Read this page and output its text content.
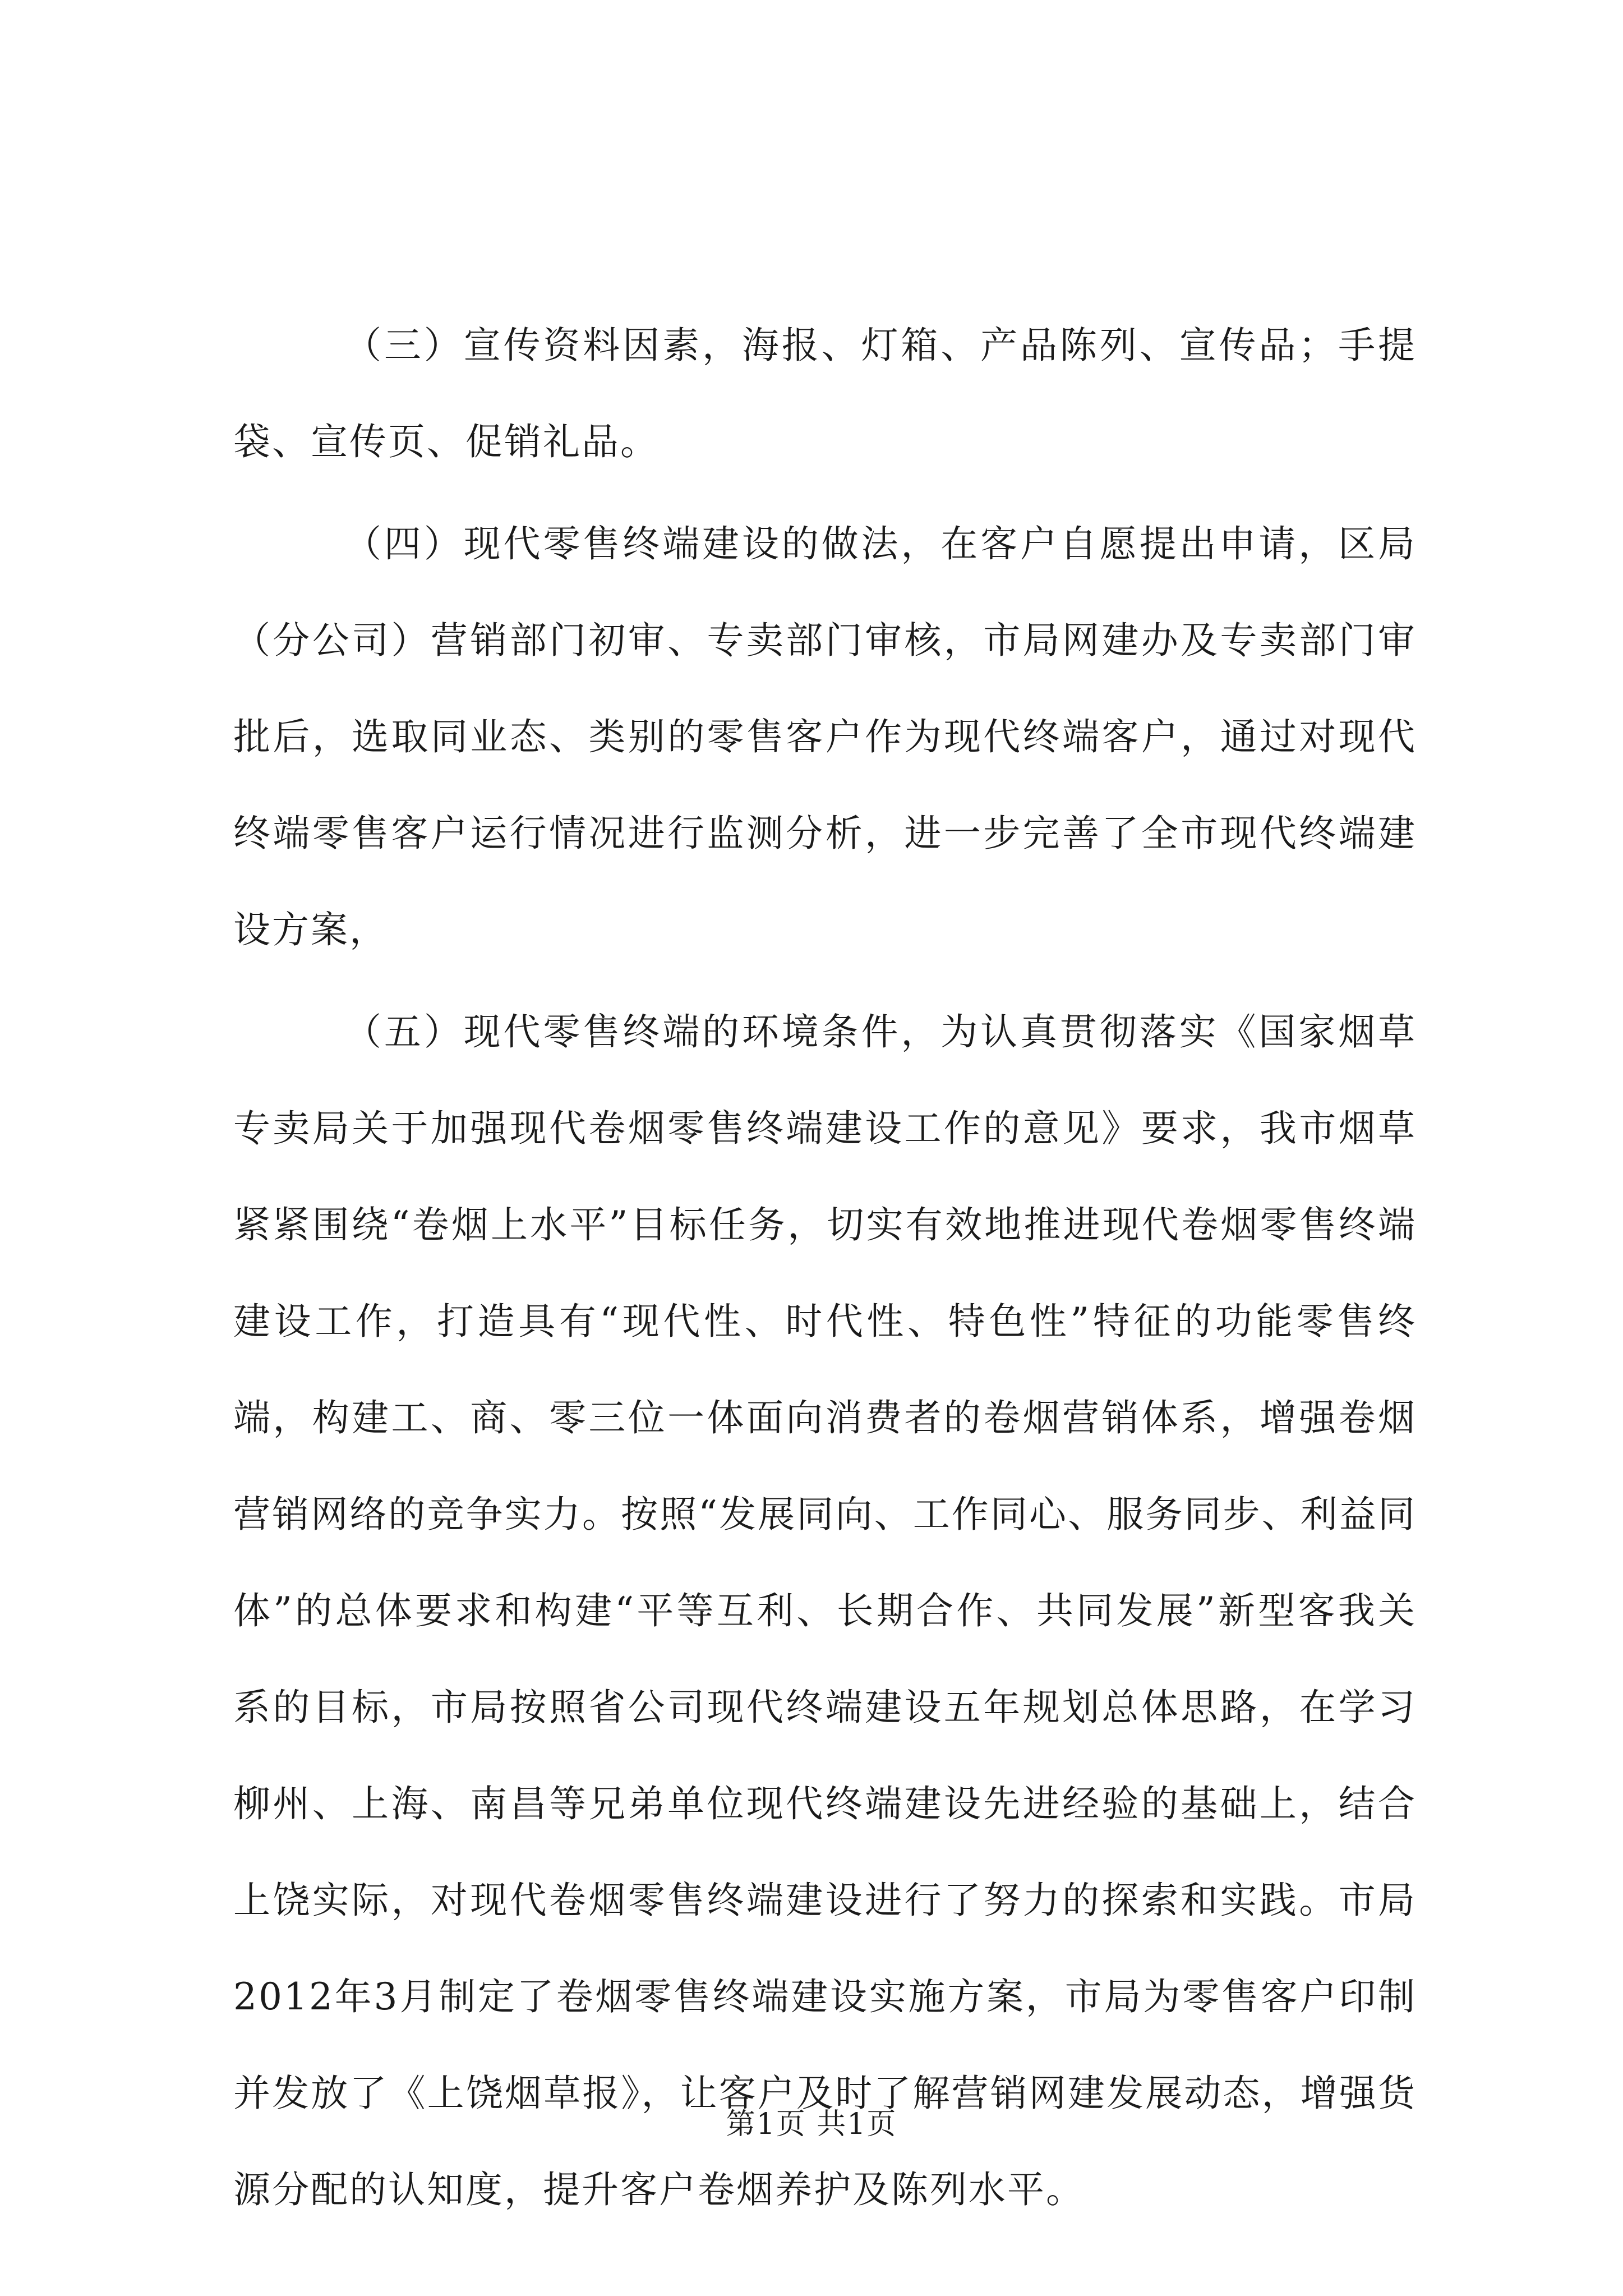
（三）宣传资料因素，海报、灯箱、产品陈列、宣传品；手提袋、宣传页、促销礼品。

（四）现代零售终端建设的做法，在客户自愿提出申请，区局（分公司）营销部门初审、专卖部门审核，市局网建办及专卖部门审批后，选取同业态、类别的零售客户作为现代终端客户，通过对现代终端零售客户运行情况进行监测分析，进一步完善了全市现代终端建设方案，

（五）现代零售终端的环境条件，为认真贯彻落实《国家烟草专卖局关于加强现代卷烟零售终端建设工作的意见》要求，我市烟草紧紧围绕“卷烟上水平”目标任务，切实有效地推进现代卷烟零售终端建设工作，打造具有“现代性、时代性、特色性”特征的功能零售终端，构建工、商、零三位一体面向消费者的卷烟营销体系，增强卷烟营销网络的竞争实力。按照“发展同向、工作同心、服务同步、利益同体”的总体要求和构建“平等互利、长期合作、共同发展”新型客我关系的目标，市局按照省公司现代终端建设五年规划总体思路，在学习柳州、上海、南昌等兄弟单位现代终端建设先进经验的基础上，结合上饶实际，对现代卷烟零售终端建设进行了努力的探索和实践。市局2012年3月制定了卷烟零售终端建设实施方案，市局为零售客户印制并发放了《上饶烟草报》，让客户及时了解营销网建发展动态，增强货源分配的认知度，提升客户卷烟养护及陈列水平。

第1页 共1页
